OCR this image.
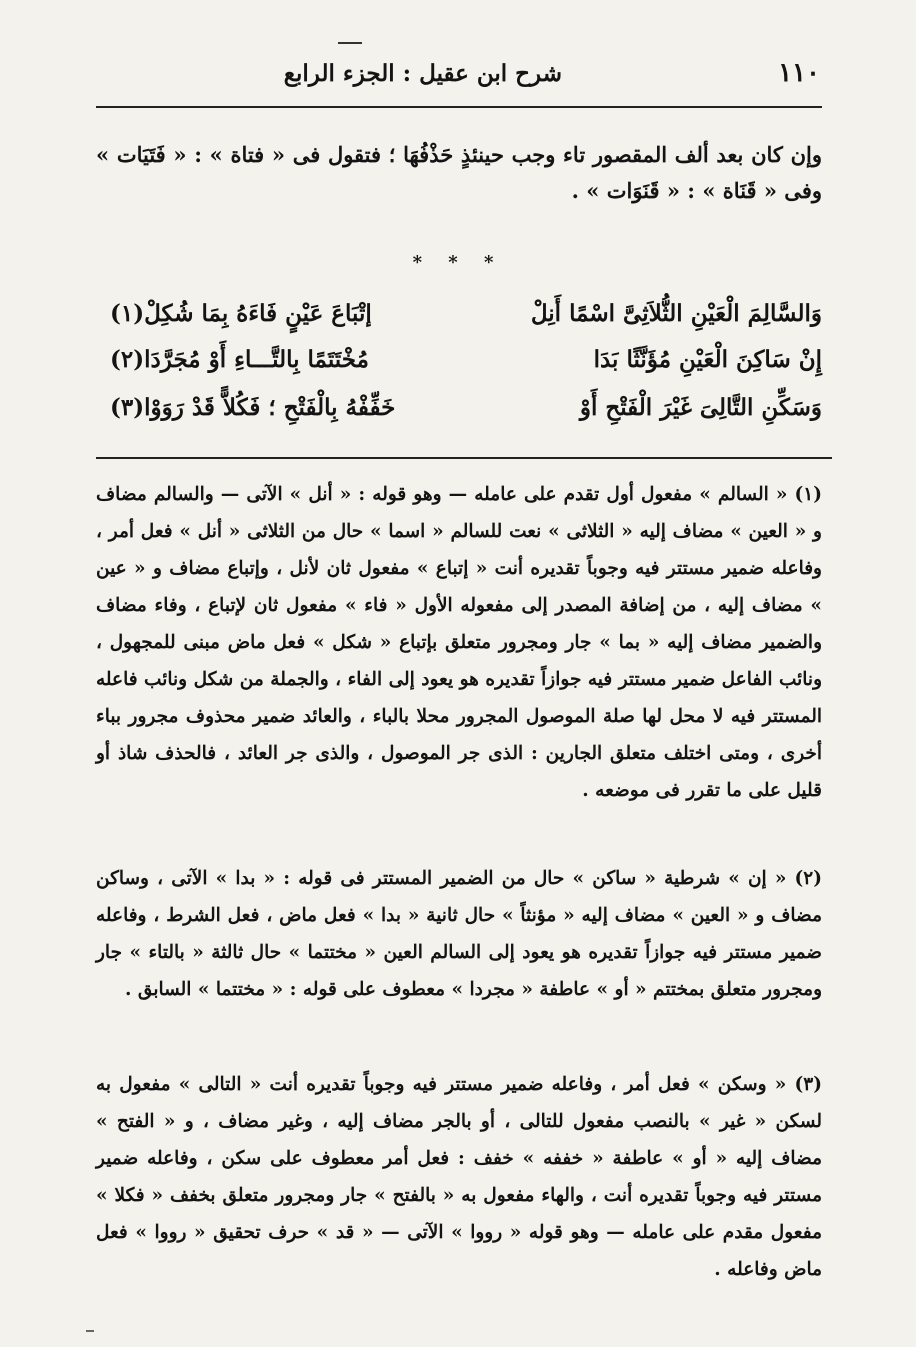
١١٠
شرح ابن عقيل : الجزء الرابع

وإن كان بعد ألف المقصور تاء وجب حينئذٍ حَذْفُهَا ؛ فتقول فى « فتاة » : « فَتَيَات » وفى « قَنَاة » : « قَنَوَات » .

* * *
وَالسَّالِمَ الْعَيْنِ الثُّلاَثِىَّ اسْمًا أَنِلْ
إتْبَاعَ عَيْنٍ فَاءَهُ بِمَا شُكِلْ(١)
إِنْ سَاكِنَ الْعَيْنِ مُؤَنَّثًا بَدَا
مُخْتَتَمًا بِالتَّـــاءِ أَوْ مُجَرَّدَا(٢)
وَسَكِّنِ التَّالِىَ غَيْرَ الْفَتْحِ أَوْ
خَفِّفْهُ بِالْفَتْحِ ؛ فَكُلاًّ قَدْ رَوَوْا(٣)

(١) « السالم » مفعول أول تقدم على عامله — وهو قوله : « أنل » الآتى — والسالم مضاف و « العين » مضاف إليه « الثلاثى » نعت للسالم « اسما » حال من الثلاثى « أنل » فعل أمر ، وفاعله ضمير مستتر فيه وجوباً تقديره أنت « إتباع » مفعول ثان لأنل ، وإتباع مضاف و « عين » مضاف إليه ، من إضافة المصدر إلى مفعوله الأول « فاء » مفعول ثان لإتباع ، وفاء مضاف والضمير مضاف إليه « بما » جار ومجرور متعلق بإتباع « شكل » فعل ماض مبنى للمجهول ، ونائب الفاعل ضمير مستتر فيه جوازاً تقديره هو يعود إلى الفاء ، والجملة من شكل ونائب فاعله المستتر فيه لا محل لها صلة الموصول المجرور محلا بالباء ، والعائد ضمير محذوف مجرور بباء أخرى ، ومتى اختلف متعلق الجارين : الذى جر الموصول ، والذى جر العائد ، فالحذف شاذ أو قليل على ما تقرر فى موضعه .

(٢) « إن » شرطية « ساكن » حال من الضمير المستتر فى قوله : « بدا » الآتى ، وساكن مضاف و « العين » مضاف إليه « مؤنثاً » حال ثانية « بدا » فعل ماض ، فعل الشرط ، وفاعله ضمير مستتر فيه جوازاً تقديره هو يعود إلى السالم العين « مختتما » حال ثالثة « بالتاء » جار ومجرور متعلق بمختتم « أو » عاطفة « مجردا » معطوف على قوله : « مختتما » السابق .

(٣) « وسكن » فعل أمر ، وفاعله ضمير مستتر فيه وجوباً تقديره أنت « التالى » مفعول به لسكن « غير » بالنصب مفعول للتالى ، أو بالجر مضاف إليه ، وغير مضاف ، و « الفتح » مضاف إليه « أو » عاطفة « خففه » خفف : فعل أمر معطوف على سكن ، وفاعله ضمير مستتر فيه وجوباً تقديره أنت ، والهاء مفعول به « بالفتح » جار ومجرور متعلق بخفف « فكلا » مفعول مقدم على عامله — وهو قوله « رووا » الآتى — « قد » حرف تحقيق « رووا » فعل ماض وفاعله .
